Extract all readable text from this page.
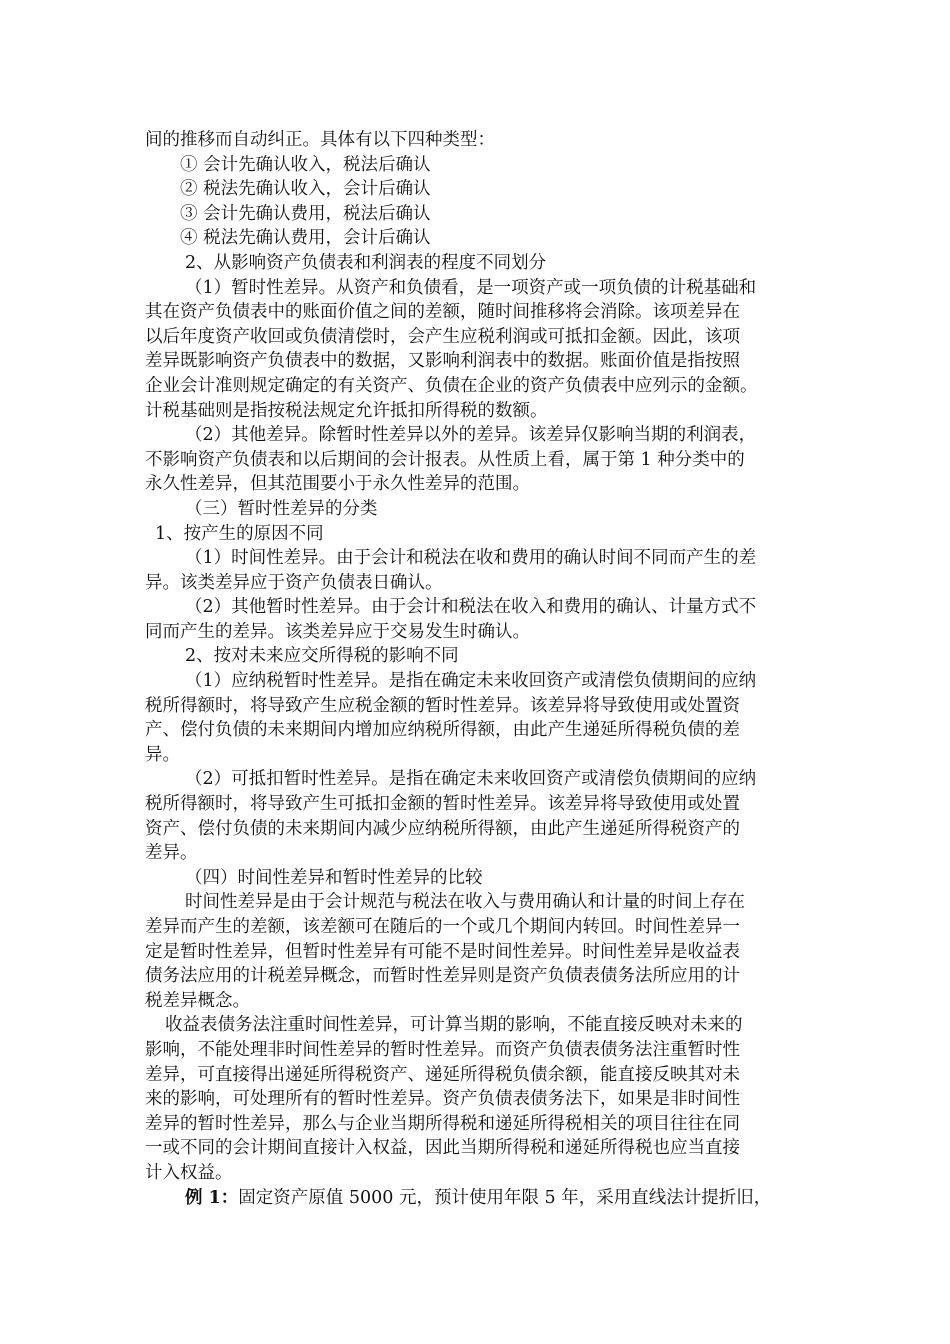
间的推移而自动纠正。具体有以下四种类型：

① 会计先确认收入，税法后确认

② 税法先确认收入，会计后确认

③ 会计先确认费用，税法后确认

④ 税法先确认费用，会计后确认

2、从影响资产负债表和利润表的程度不同划分

（1）暂时性差异。从资产和负债看，是一项资产或一项负债的计税基础和

其在资产负债表中的账面价值之间的差额，随时间推移将会消除。该项差异在

以后年度资产收回或负债清偿时，会产生应税利润或可抵扣金额。因此，该项

差异既影响资产负债表中的数据，又影响利润表中的数据。账面价值是指按照

企业会计准则规定确定的有关资产、负债在企业的资产负债表中应列示的金额。

计税基础则是指按税法规定允许抵扣所得税的数额。

（2）其他差异。除暂时性差异以外的差异。该差异仅影响当期的利润表，

不影响资产负债表和以后期间的会计报表。从性质上看，属于第 1 种分类中的

永久性差异，但其范围要小于永久性差异的范围。

（三）暂时性差异的分类

1、按产生的原因不同

（1）时间性差异。由于会计和税法在收和费用的确认时间不同而产生的差

异。该类差异应于资产负债表日确认。

（2）其他暂时性差异。由于会计和税法在收入和费用的确认、计量方式不

同而产生的差异。该类差异应于交易发生时确认。

2、按对未来应交所得税的影响不同

（1）应纳税暂时性差异。是指在确定未来收回资产或清偿负债期间的应纳

税所得额时，将导致产生应税金额的暂时性差异。该差异将导致使用或处置资

产、偿付负债的未来期间内增加应纳税所得额，由此产生递延所得税负债的差

异。

（2）可抵扣暂时性差异。是指在确定未来收回资产或清偿负债期间的应纳

税所得额时，将导致产生可抵扣金额的暂时性差异。该差异将导致使用或处置

资产、偿付负债的未来期间内减少应纳税所得额，由此产生递延所得税资产的

差异。

（四）时间性差异和暂时性差异的比较

时间性差异是由于会计规范与税法在收入与费用确认和计量的时间上存在

差异而产生的差额，该差额可在随后的一个或几个期间内转回。时间性差异一

定是暂时性差异，但暂时性差异有可能不是时间性差异。时间性差异是收益表

债务法应用的计税差异概念，而暂时性差异则是资产负债表债务法所应用的计

税差异概念。

收益表债务法注重时间性差异，可计算当期的影响，不能直接反映对未来的

影响，不能处理非时间性差异的暂时性差异。而资产负债表债务法注重暂时性

差异，可直接得出递延所得税资产、递延所得税负债余额，能直接反映其对未

来的影响，可处理所有的暂时性差异。资产负债表债务法下，如果是非时间性

差异的暂时性差异，那么与企业当期所得税和递延所得税相关的项目往往在同

一或不同的会计期间直接计入权益，因此当期所得税和递延所得税也应当直接

计入权益。

例 1：固定资产原值 5000 元，预计使用年限 5 年，采用直线法计提折旧，
